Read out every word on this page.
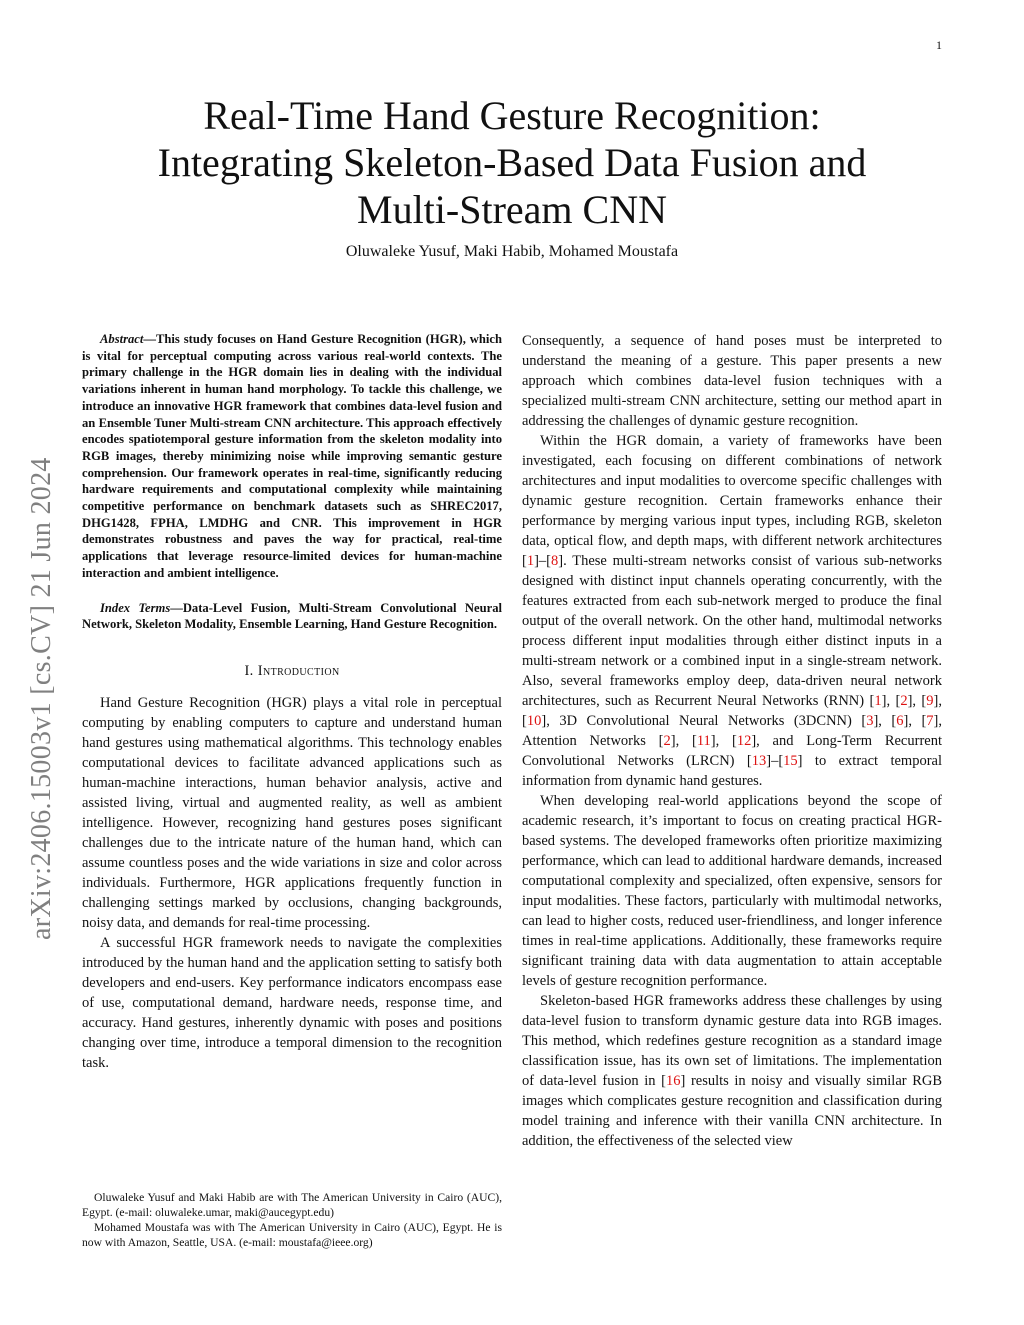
1
arXiv:2406.15003v1 [cs.CV] 21 Jun 2024
Real-Time Hand Gesture Recognition:
Integrating Skeleton-Based Data Fusion and
Multi-Stream CNN
Oluwaleke Yusuf, Maki Habib, Mohamed Moustafa

Abstract—This study focuses on Hand Gesture Recognition (HGR), which is vital for perceptual computing across various real-world contexts. The primary challenge in the HGR domain lies in dealing with the individual variations inherent in human hand morphology. To tackle this challenge, we introduce an innovative HGR framework that combines data-level fusion and an Ensemble Tuner Multi-stream CNN architecture. This approach effectively encodes spatiotemporal gesture information from the skeleton modality into RGB images, thereby minimizing noise while improving semantic gesture comprehension. Our framework operates in real-time, significantly reducing hardware requirements and computational complexity while maintaining competitive performance on benchmark datasets such as SHREC2017, DHG1428, FPHA, LMDHG and CNR. This improvement in HGR demonstrates robustness and paves the way for practical, real-time applications that leverage resource-limited devices for human-machine interaction and ambient intelligence.

Index Terms—Data-Level Fusion, Multi-Stream Convolutional Neural Network, Skeleton Modality, Ensemble Learning, Hand Gesture Recognition.

I. Introduction

Hand Gesture Recognition (HGR) plays a vital role in perceptual computing by enabling computers to capture and understand human hand gestures using mathematical algorithms. This technology enables computational devices to facilitate advanced applications such as human-machine interactions, human behavior analysis, active and assisted living, virtual and augmented reality, as well as ambient intelligence. However, recognizing hand gestures poses significant challenges due to the intricate nature of the human hand, which can assume countless poses and the wide variations in size and color across individuals. Furthermore, HGR applications frequently function in challenging settings marked by occlusions, changing backgrounds, noisy data, and demands for real-time processing.

A successful HGR framework needs to navigate the complexities introduced by the human hand and the application setting to satisfy both developers and end-users. Key performance indicators encompass ease of use, computational demand, hardware needs, response time, and accuracy. Hand gestures, inherently dynamic with poses and positions changing over time, introduce a temporal dimension to the recognition task.

Oluwaleke Yusuf and Maki Habib are with The American University in Cairo (AUC), Egypt. (e-mail: oluwaleke.umar, maki@aucegypt.edu)

Mohamed Moustafa was with The American University in Cairo (AUC), Egypt. He is now with Amazon, Seattle, USA. (e-mail: moustafa@ieee.org)

Consequently, a sequence of hand poses must be interpreted to understand the meaning of a gesture. This paper presents a new approach which combines data-level fusion techniques with a specialized multi-stream CNN architecture, setting our method apart in addressing the challenges of dynamic gesture recognition.

Within the HGR domain, a variety of frameworks have been investigated, each focusing on different combinations of network architectures and input modalities to overcome specific challenges with dynamic gesture recognition. Certain frameworks enhance their performance by merging various input types, including RGB, skeleton data, optical flow, and depth maps, with different network architectures [1]–[8]. These multi-stream networks consist of various sub-networks designed with distinct input channels operating concurrently, with the features extracted from each sub-network merged to produce the final output of the overall network. On the other hand, multimodal networks process different input modalities through either distinct inputs in a multi-stream network or a combined input in a single-stream network. Also, several frameworks employ deep, data-driven neural network architectures, such as Recurrent Neural Networks (RNN) [1], [2], [9], [10], 3D Convolutional Neural Networks (3DCNN) [3], [6], [7], Attention Networks [2], [11], [12], and Long-Term Recurrent Convolutional Networks (LRCN) [13]–[15] to extract temporal information from dynamic hand gestures.

When developing real-world applications beyond the scope of academic research, it’s important to focus on creating practical HGR-based systems. The developed frameworks often prioritize maximizing performance, which can lead to additional hardware demands, increased computational complexity and specialized, often expensive, sensors for input modalities. These factors, particularly with multimodal networks, can lead to higher costs, reduced user-friendliness, and longer inference times in real-time applications. Additionally, these frameworks require significant training data with data augmentation to attain acceptable levels of gesture recognition performance.

Skeleton-based HGR frameworks address these challenges by using data-level fusion to transform dynamic gesture data into RGB images. This method, which redefines gesture recognition as a standard image classification issue, has its own set of limitations. The implementation of data-level fusion in [16] results in noisy and visually similar RGB images which complicates gesture recognition and classification during model training and inference with their vanilla CNN architecture. In addition, the effectiveness of the selected view
